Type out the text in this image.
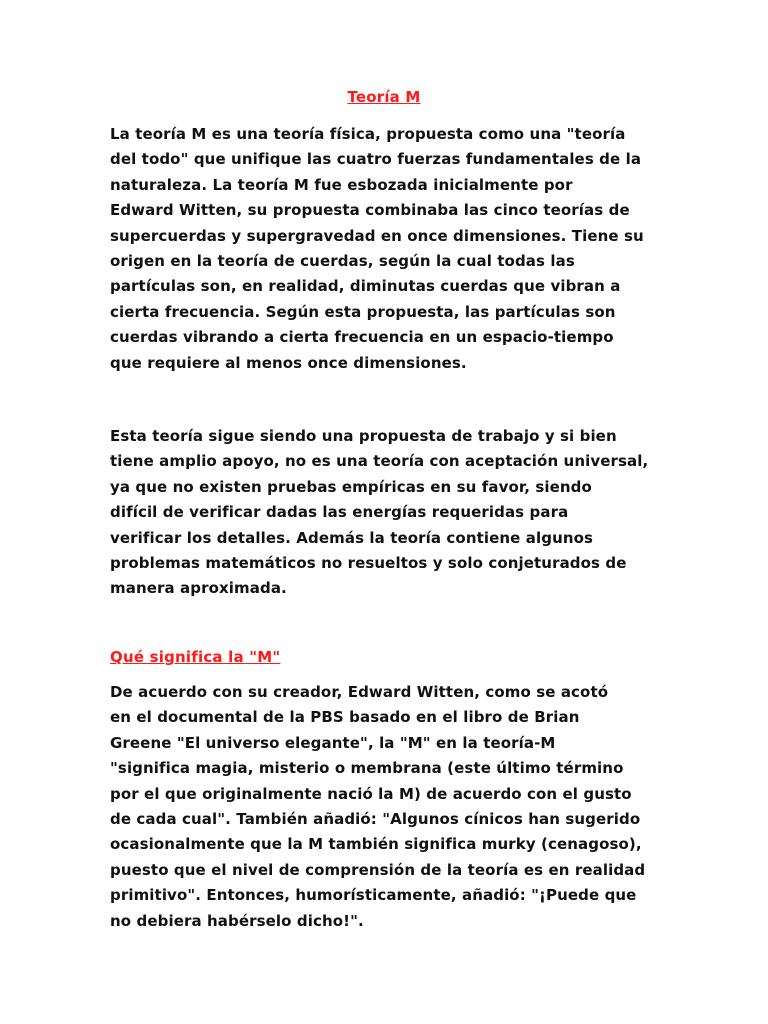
Teoría M
La teoría M es una teoría física, propuesta como una "teoría
del todo" que unifique las cuatro fuerzas fundamentales de la
naturaleza. La teoría M fue esbozada inicialmente por
Edward Witten, su propuesta combinaba las cinco teorías de
supercuerdas y supergravedad en once dimensiones. Tiene su
origen en la teoría de cuerdas, según la cual todas las
partículas son, en realidad, diminutas cuerdas que vibran a
cierta frecuencia. Según esta propuesta, las partículas son
cuerdas vibrando a cierta frecuencia en un espacio-tiempo
que requiere al menos once dimensiones.
Esta teoría sigue siendo una propuesta de trabajo y si bien
tiene amplio apoyo, no es una teoría con aceptación universal,
ya que no existen pruebas empíricas en su favor, siendo
difícil de verificar dadas las energías requeridas para
verificar los detalles. Además la teoría contiene algunos
problemas matemáticos no resueltos y solo conjeturados de
manera aproximada.
Qué significa la "M"
De acuerdo con su creador, Edward Witten, como se acotó
en el documental de la PBS basado en el libro de Brian
Greene "El universo elegante", la "M" en la teoría-M
"significa magia, misterio o membrana (este último término
por el que originalmente nació la M) de acuerdo con el gusto
de cada cual". También añadió: "Algunos cínicos han sugerido
ocasionalmente que la M también significa murky (cenagoso),
puesto que el nivel de comprensión de la teoría es en realidad
primitivo". Entonces, humorísticamente, añadió: "¡Puede que
no debiera habérselo dicho!".
